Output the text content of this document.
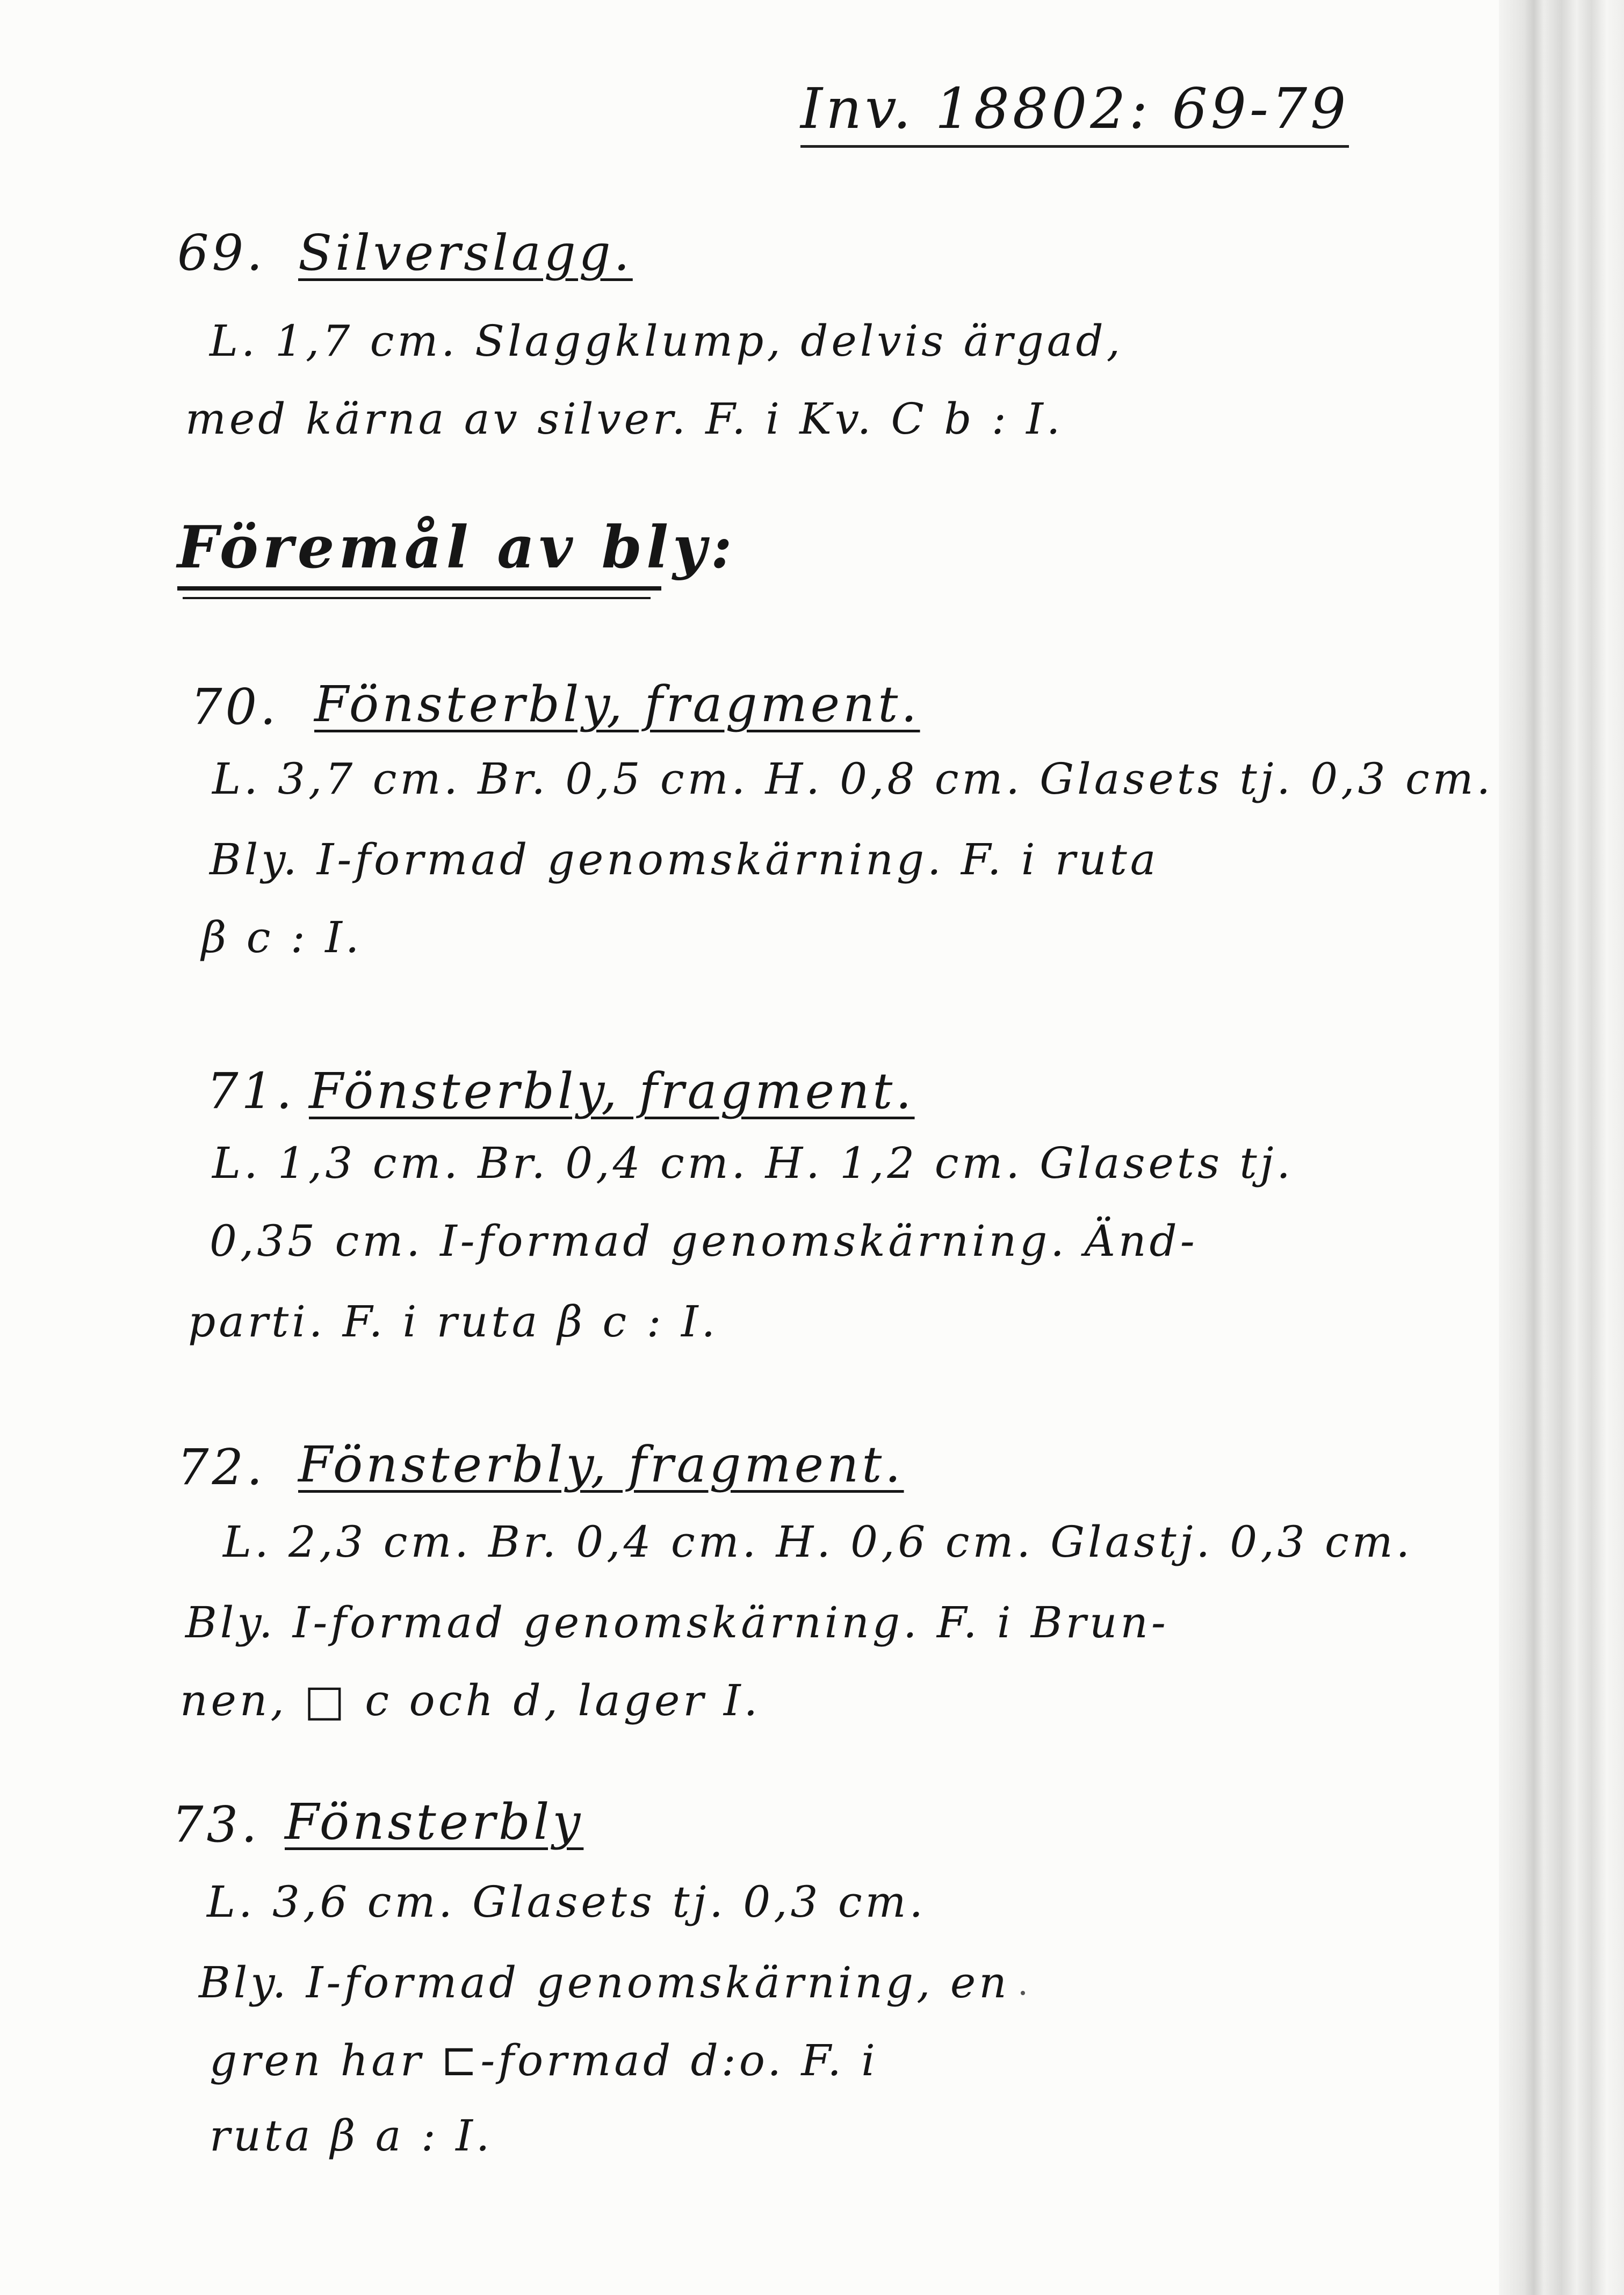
Inv. 18802: 69-79
69. Silverslagg.
L. 1,7 cm. Slaggklump, delvis ärgad,
med kärna av silver. F. i Kv. C b : I.
Föremål av bly:
70. Fönsterbly, fragment.
L. 3,7 cm. Br. 0,5 cm. H. 0,8 cm. Glasets tj. 0,3 cm.
Bly. I-formad genomskärning. F. i ruta
β c : I.
71. Fönsterbly, fragment.
L. 1,3 cm. Br. 0,4 cm. H. 1,2 cm. Glasets tj.
0,35 cm. I-formad genomskärning. Änd-
parti. F. i ruta β c : I.
72. Fönsterbly, fragment.
L. 2,3 cm. Br. 0,4 cm. H. 0,6 cm. Glastj. 0,3 cm.
Bly. I-formad genomskärning. F. i Brun-
nen, □ c och d, lager I.
73. Fönsterbly
L. 3,6 cm. Glasets tj. 0,3 cm.
Bly. I-formad genomskärning, en
gren har ⊏-formad d:o. F. i
ruta β a : I.
